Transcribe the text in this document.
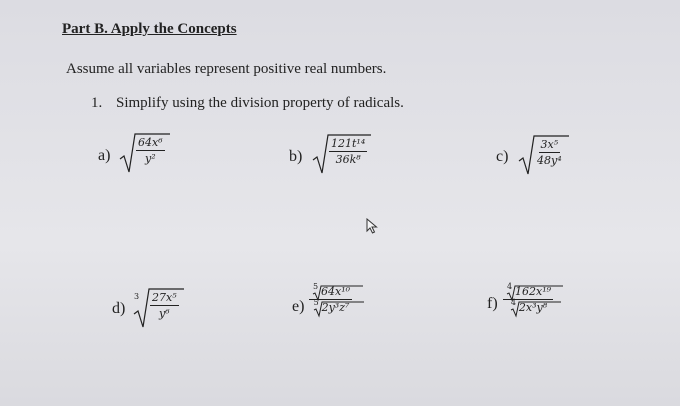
Part B. Apply the Concepts
Assume all variables represent positive real numbers.
1. Simplify using the division property of radicals.
$a) \frac{\text{64x⁶}}{\text{y²}}$	$b) \frac{\text{121t¹⁴}}{\text{36k⁸}}$	$c) \frac{\text{3x⁵}}{\text{48y⁴}}$
d)
$3 \frac{\text{27x⁵}}{\text{y⁶}}$	$e) \frac{\text{5 64x¹⁰}}{\text{5 2y³z⁷}}$	$f) \frac{\text{4 162x¹⁹}}{\text{4 2x³y⁸}}$
